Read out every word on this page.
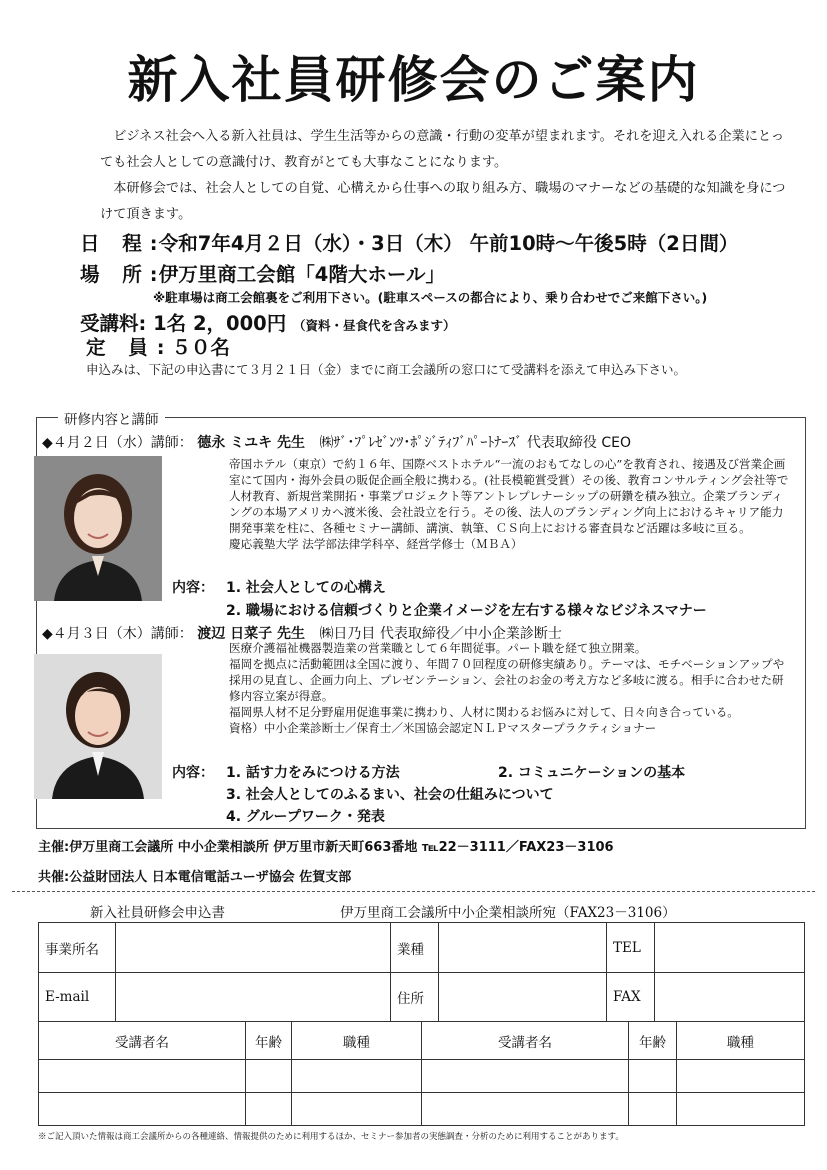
新入社員研修会のご案内

ビジネス社会へ入る新入社員は、学生生活等からの意識・行動の変革が望まれます。それを迎え入れる企業にとっても社会人としての意識付け、教育がとても大事なことになります。

本研修会では、社会人としての自覚、心構えから仕事への取り組み方、職場のマナーなどの基礎的な知識を身につけて頂きます。

日 程: 令和7年4月２日（水）・3日（木） 午前10時～午後5時（2日間）
場 所: 伊万里商工会館「4階大ホール」
※駐車場は商工会館裏をご利用下さい。(駐車スペースの都合により、乗り合わせでご来館下さい。)
受講料: 1名 2，000円 （資料・昼食代を含みます）
定 員 : ５０名
申込みは、下記の申込書にて３月２１日（金）までに商工会議所の窓口にて受講料を添えて申込み下さい。
研修内容と講師
◆４月２日（水）講師： 德永 ミユキ 先生 ㈱ｻﾞ･ﾌﾟﾚｾﾞﾝﾂ･ﾎﾟｼﾞﾃｨﾌﾞﾊﾟｰﾄﾅｰｽﾞ 代表取締役 CEO
帝国ホテル（東京）で約１６年、国際ベストホテル“一流のおもてなしの心”を教育され、接遇及び営業企画室にて国内・海外会員の販促企画全般に携わる。(社長模範賞受賞）その後、教育コンサルティング会社等で人材教育、新規営業開拓・事業プロジェクト等アントレプレナーシップの研鑽を積み独立。企業ブランディングの本場アメリカへ渡米後、会社設立を行う。その後、法人のブランディング向上におけるキャリア能力開発事業を柱に、各種セミナー講師、講演、執筆、ＣＳ向上における審査員など活躍は多岐に亘る。
慶応義塾大学 法学部法律学科卒、経営学修士（ＭＢＡ）
内容： 1. 社会人としての心構え
2. 職場における信頼づくりと企業イメージを左右する様々なビジネスマナー
◆４月３日（木）講師： 渡辺 日菜子 先生 ㈱日乃目 代表取締役／中小企業診断士
医療介護福祉機器製造業の営業職として６年間従事。パート職を経て独立開業。
福岡を拠点に活動範囲は全国に渡り、年間７０回程度の研修実績あり。テーマは、モチベーションアップや採用の見直し、企画力向上、プレゼンテーション、会社のお金の考え方など多岐に渡る。相手に合わせた研修内容立案が得意。
福岡県人材不足分野雇用促進事業に携わり、人材に関わるお悩みに対して、日々向き合っている。
資格）中小企業診断士／保育士／米国協会認定ＮＬＰマスタープラクティショナー
内容： 1. 話す力をみにつける方法	2. コミュニケーションの基本
3. 社会人としてのふるまい、社会の仕組みについて
4. グループワーク・発表
主催:伊万里商工会議所 中小企業相談所 伊万里市新天町663番地 ℡22－3111／FAX23－3106
共催:公益財団法人 日本電信電話ユーザ協会 佐賀支部
新入社員研修会申込書	伊万里商工会議所中小企業相談所宛（FAX23－3106）
事業所名		業種		TEL	
E-mail		住所		FAX	
受講者名	年齢	職種	受講者名	年齢	職種

※ご記入頂いた情報は商工会議所からの各種連絡、情報提供のために利用するほか、セミナー参加者の実態調査・分析のために利用することがあります。
